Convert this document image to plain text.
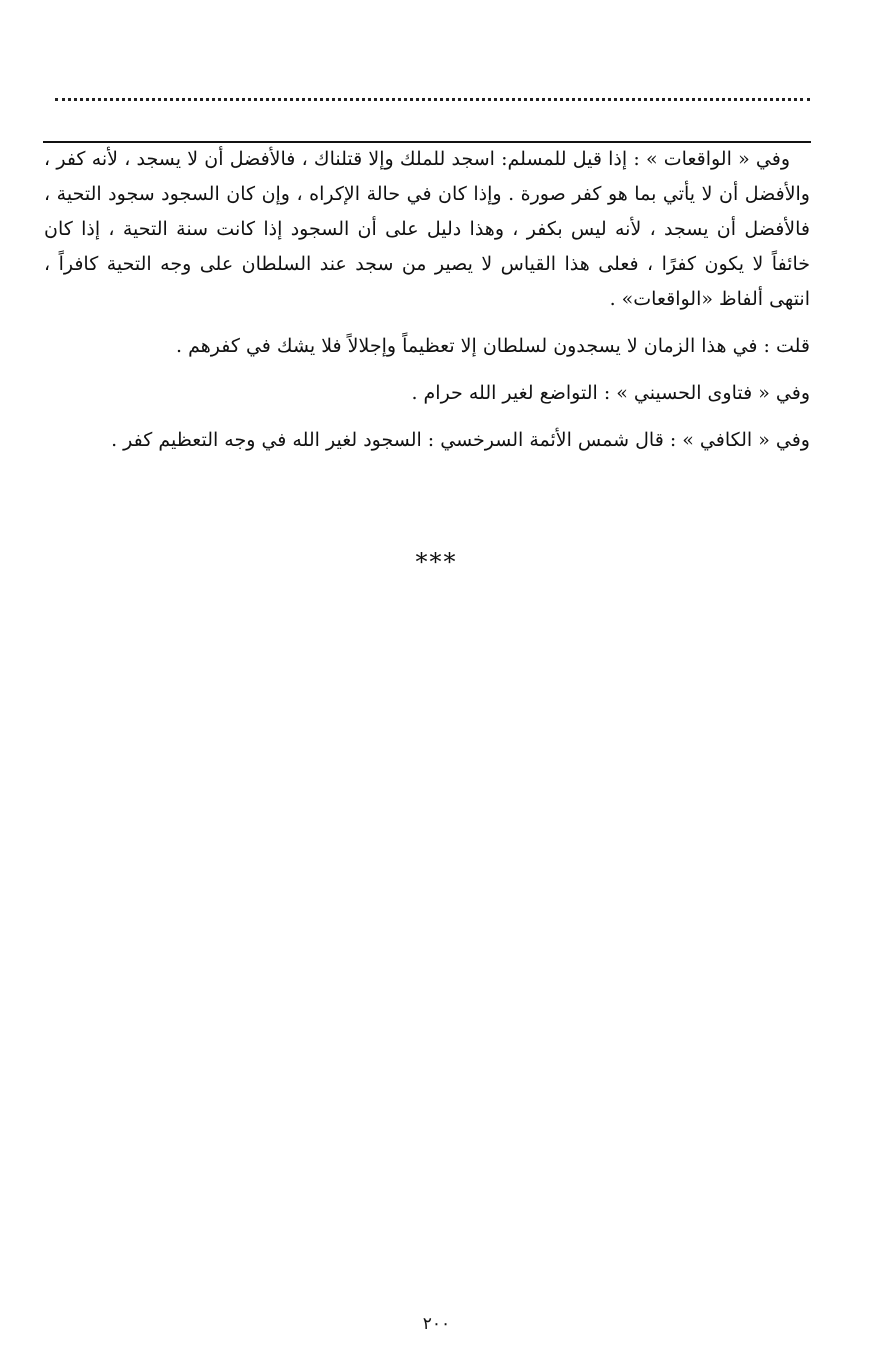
وفي « الواقعات » : إذا قيل للمسلم: اسجد للملك وإلا قتلناك ، فالأفضل أن لا يسجد ، لأنه كفر ، والأفضل أن لا يأتي بما هو كفر صورة . وإذا كان في حالة الإكراه ، وإن كان السجود سجود التحية ، فالأفضل أن يسجد ، لأنه ليس بكفر ، وهذا دليل على أن السجود إذا كانت سنة التحية ، إذا كان خائفاً لا يكون كفرًا ، فعلى هذا القياس لا يصير من سجد عند السلطان على وجه التحية كافراً ، انتهى ألفاظ «الواقعات» .

قلت : في هذا الزمان لا يسجدون لسلطان إلا تعظيماً وإجلالاً فلا يشك في كفرهم .

وفي « فتاوى الحسيني » : التواضع لغير الله حرام .

وفي « الكافي » : قال شمس الأئمة السرخسي : السجود لغير الله في وجه التعظيم كفر .

***
٢٠٠
